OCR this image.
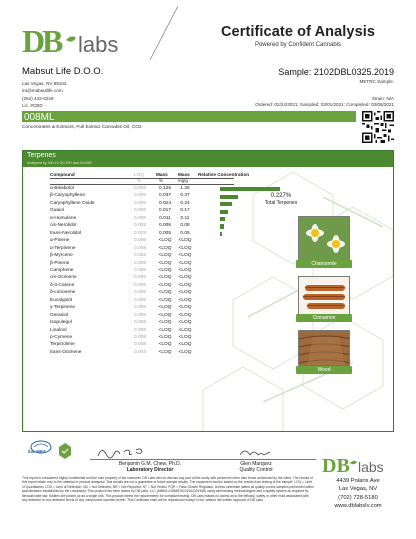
D
B labs	Certificate of Analysis
Powered by Confident Cannabis
Mabsut Life D.O.O.
Las Vegas, NV 89103
ira@mabsutlife.com
(254) 442-6249
Lic. #CBD
Sample: 2102DBL0325.2019
METRC Sample:
Strain: N/A
Ordered: 02/24/2021; Sampled: 03/01/2021; Completed: 03/05/2021
008ML
Concentrates & Extracts, Full Extract Cannabis Oil, CO2
Terpenes
Analyzed by 300.13 GC-FID and GC/MS
Compound	LOQ	Mass Mass Relative Concentration
%	%	mg/g
α-Bisabolol	0.008	0.125	1.25
β-Caryophyllene	0.006	0.037	0.37
Caryophyllene Oxide	0.006	0.024	0.24
Guaiol	0.006	0.017	0.17
α-Humulene	0.006	0.011	0.11
cis-Nerolidol	0.005	0.008	0.08
trans-Nerolidol	0.003	0.005	0.05
α-Pinene	0.006	<LOQ	<LOQ
α-Terpinene	0.008	<LOQ	<LOQ
β-Myrcene	0.008	<LOQ	<LOQ
β-Pinene	0.008	<LOQ	<LOQ
Camphene	0.006	<LOQ	<LOQ
cis-Ocimene	0.006	<LOQ	<LOQ
δ-3-Carene	0.008	<LOQ	<LOQ
δ-Limonene	0.008	<LOQ	<LOQ
Eucalyptol	0.008	<LOQ	<LOQ
γ-Terpinene	0.008	<LOQ	<LOQ
Geraniol	0.008	<LOQ	<LOQ
Isopulegol	0.008	<LOQ	<LOQ
Linalool	0.008	<LOQ	<LOQ
p-Cymene	0.008	<LOQ	<LOQ
Terpinolene	0.008	<LOQ	<LOQ
trans-Ocimene	0.003	<LOQ	<LOQ
0.227%
Total Terpenes
Chamomile
Cinnamon
Wood
ilac-MRA
Benjamin G.M. Chew, Ph.D.
Laboratory Director
Glen Marquez
Quality Control
This report is considered highly confidential and the sole property of the customer. DB Labs will not discuss any part of this study with personnel other than those authorized by the client. The results of this report relate only to the material or product analyzed. Test results are not a guarantee of future sample results. The expanded result is based on the results from testing of the sample. LOQ = Limit of Quantitation; LOD = Limit of Detection; ND = Not Detected; NR = Not Reported; NT = Not Tested. PQR = Pass Growth Regulator. Unless otherwise stated all quality control samples performed within specifications established by the Laboratory. This product has been tested by DB Labs, LLC (MME# 41856576101544321948) using valid testing methodologies and a quality system as required by Nevada state law. Edibles are picked up as a single unit. This product meets the requirements for compliant testing. DB Labs makes no claims as to the efficacy, safety or other risks associated with any detected or non-detected levels of any compounds reported herein. This Certificate shall not be reproduced except in full, without the written approval of DB Labs.
DB labs
4439 Polaris Ave
Las Vegas, NV
(702) 728-5180
www.dblabslv.com
